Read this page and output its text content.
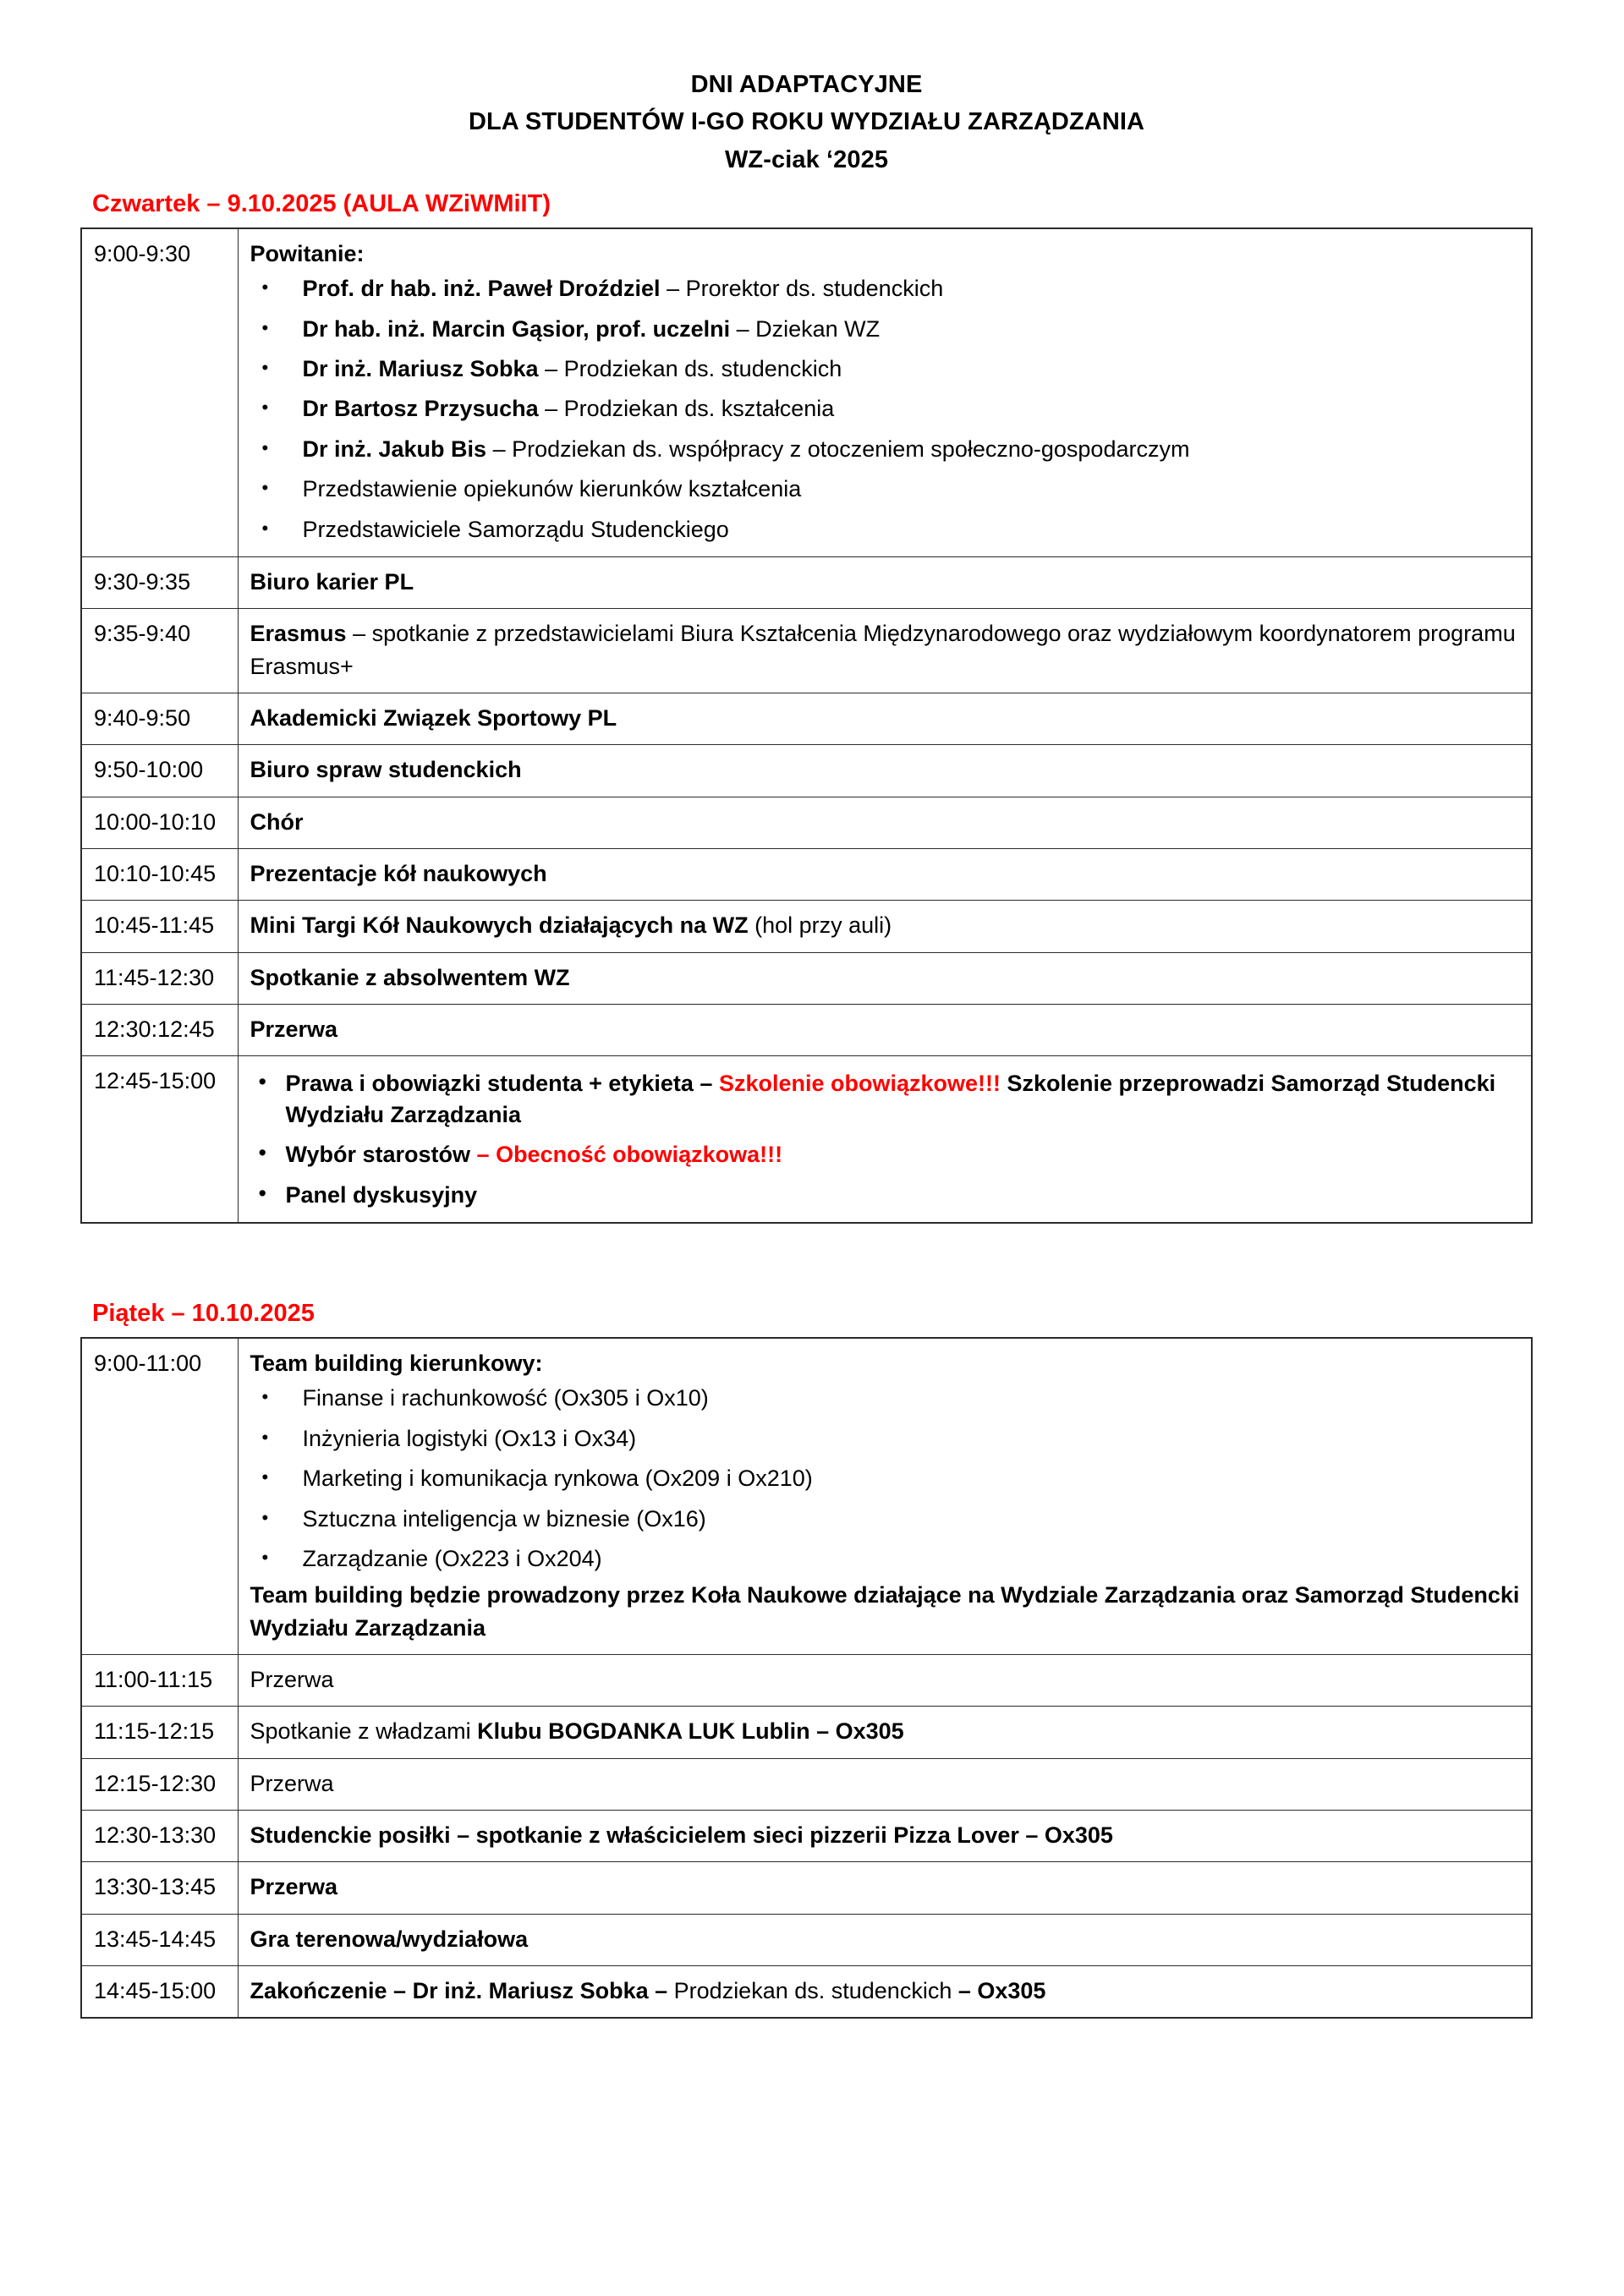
DNI ADAPTACYJNE
DLA STUDENTÓW I-GO ROKU WYDZIAŁU ZARZĄDZANIA
WZ-ciak ‘2025
Czwartek – 9.10.2025 (AULA WZiWMiIT)
9:00-9:30	Powitanie:
• Prof. dr hab. inż. Paweł Droździel – Prorektor ds. studenckich
• Dr hab. inż. Marcin Gąsior, prof. uczelni – Dziekan WZ
• Dr inż. Mariusz Sobka – Prodziekan ds. studenckich
• Dr Bartosz Przysucha – Prodziekan ds. kształcenia
• Dr inż. Jakub Bis – Prodziekan ds. współpracy z otoczeniem społeczno-gospodarczym
• Przedstawienie opiekunów kierunków kształcenia
• Przedstawiciele Samorządu Studenckiego

9:30-9:35	Biuro karier PL

9:35-9:40	Erasmus – spotkanie z przedstawicielami Biura Kształcenia Międzynarodowego oraz wydziałowym koordynatorem programu
Erasmus+

9:40-9:50	Akademicki Związek Sportowy PL

9:50-10:00	Biuro spraw studenckich

10:00-10:10	Chór

10:10-10:45	Prezentacje kół naukowych

10:45-11:45	Mini Targi Kół Naukowych działających na WZ (hol przy auli)

11:45-12:30	Spotkanie z absolwentem WZ

12:30:12:45	Przerwa

12:45-15:00	
•Prawa i obowiązki studenta + etykieta – Szkolenie obowiązkowe!!! Szkolenie przeprowadzi Samorząd Studencki Wydziału Zarządzania
• Wybór starostów – Obecność obowiązkowa!!!
• Panel dyskusyjny
Piątek – 10.10.2025
9:00-11:00	Team building kierunkowy:
• Finanse i rachunkowość (Ox305 i Ox10)
• Inżynieria logistyki (Ox13 i Ox34)
• Marketing i komunikacja rynkowa (Ox209 i Ox210)
• Sztuczna inteligencja w biznesie (Ox16)
• Zarządzanie (Ox223 i Ox204)
Team building będzie prowadzony przez Koła Naukowe działające na Wydziale Zarządzania oraz Samorząd Studencki Wydziału Zarządzania

11:00-11:15	Przerwa

11:15-12:15	Spotkanie z władzami Klubu BOGDANKA LUK Lublin – Ox305

12:15-12:30	Przerwa

12:30-13:30	Studenckie posiłki – spotkanie z właścicielem sieci pizzerii Pizza Lover – Ox305

13:30-13:45	Przerwa

13:45-14:45	Gra terenowa/wydziałowa

14:45-15:00	Zakończenie – Dr inż. Mariusz Sobka – Prodziekan ds. studenckich – Ox305
